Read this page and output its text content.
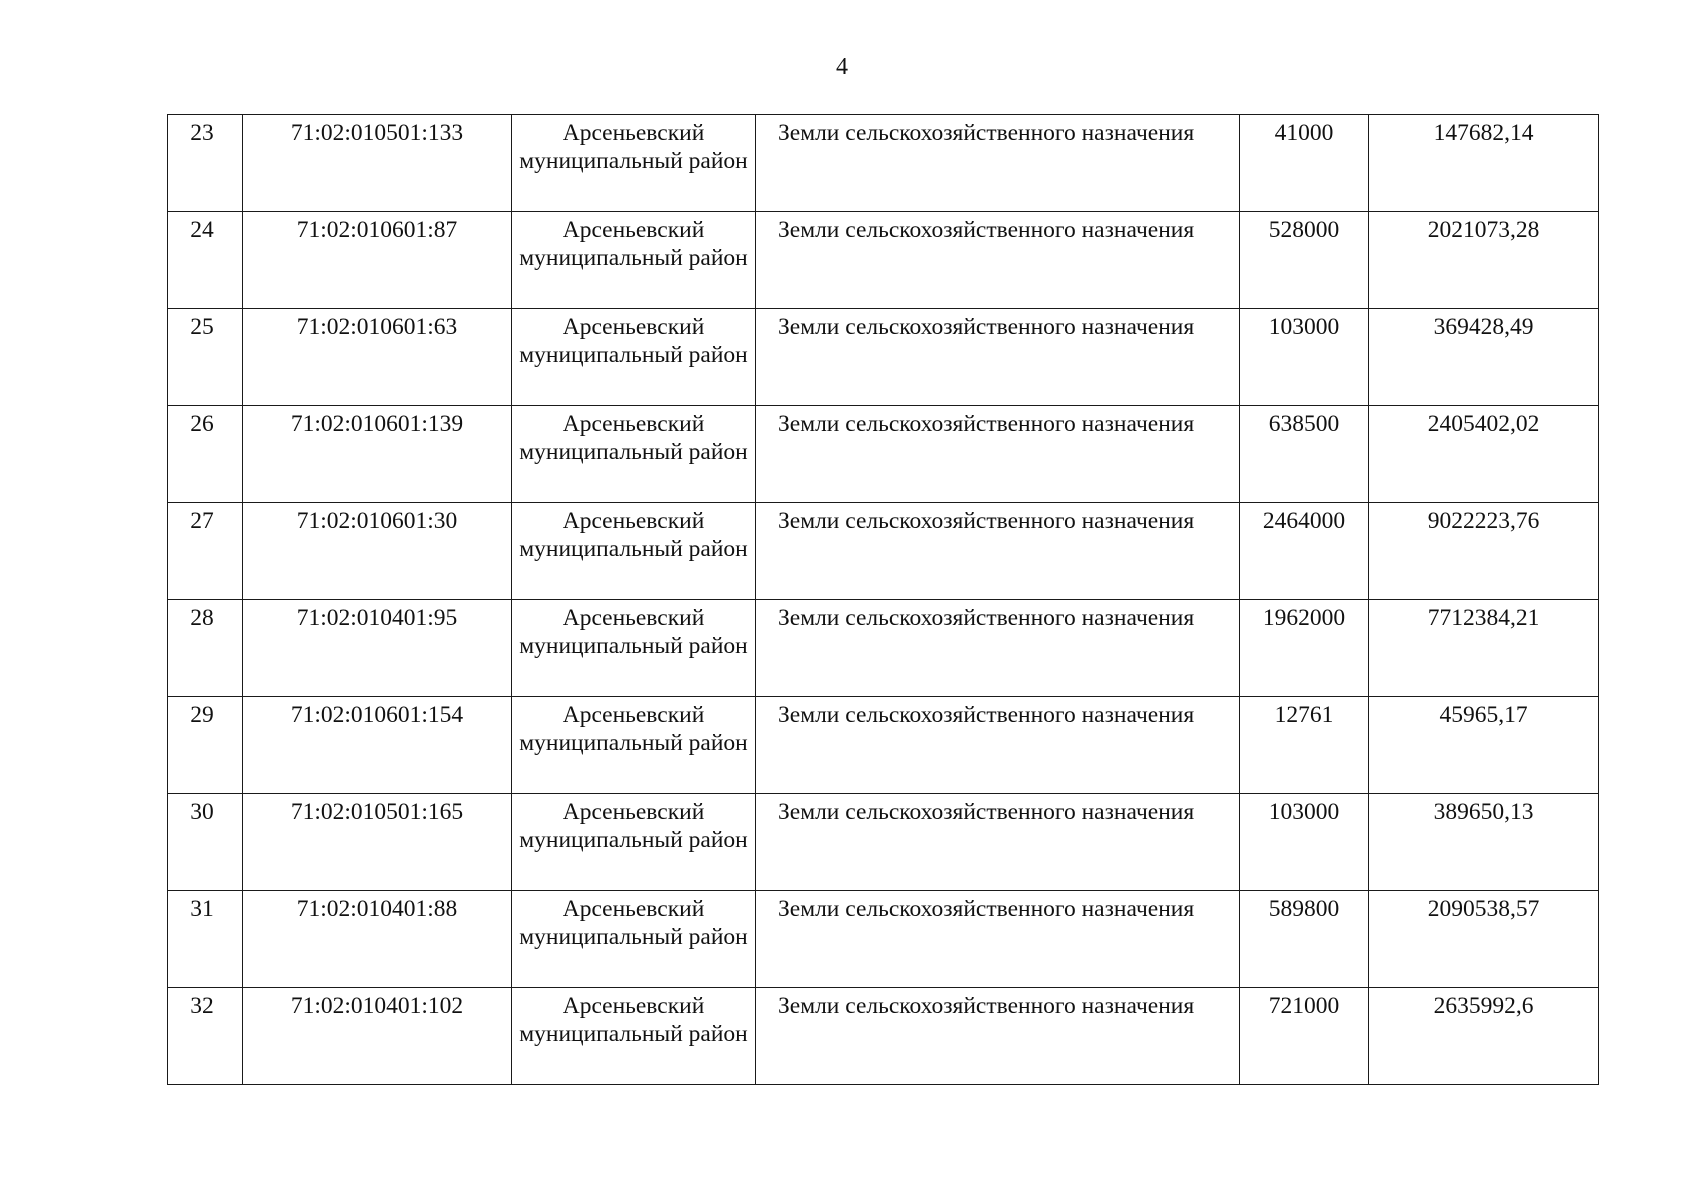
4
23	71:02:010501:133	Арсеньевский муниципальный район	Земли сельскохозяйственного назначения	41000	147682,14
24	71:02:010601:87	Арсеньевский муниципальный район	Земли сельскохозяйственного назначения	528000	2021073,28
25	71:02:010601:63	Арсеньевский муниципальный район	Земли сельскохозяйственного назначения	103000	369428,49
26	71:02:010601:139	Арсеньевский муниципальный район	Земли сельскохозяйственного назначения	638500	2405402,02
27	71:02:010601:30	Арсеньевский муниципальный район	Земли сельскохозяйственного назначения	2464000	9022223,76
28	71:02:010401:95	Арсеньевский муниципальный район	Земли сельскохозяйственного назначения	1962000	7712384,21
29	71:02:010601:154	Арсеньевский муниципальный район	Земли сельскохозяйственного назначения	12761	45965,17
30	71:02:010501:165	Арсеньевский муниципальный район	Земли сельскохозяйственного назначения	103000	389650,13
31	71:02:010401:88	Арсеньевский муниципальный район	Земли сельскохозяйственного назначения	589800	2090538,57
32	71:02:010401:102	Арсеньевский муниципальный район	Земли сельскохозяйственного назначения	721000	2635992,6
